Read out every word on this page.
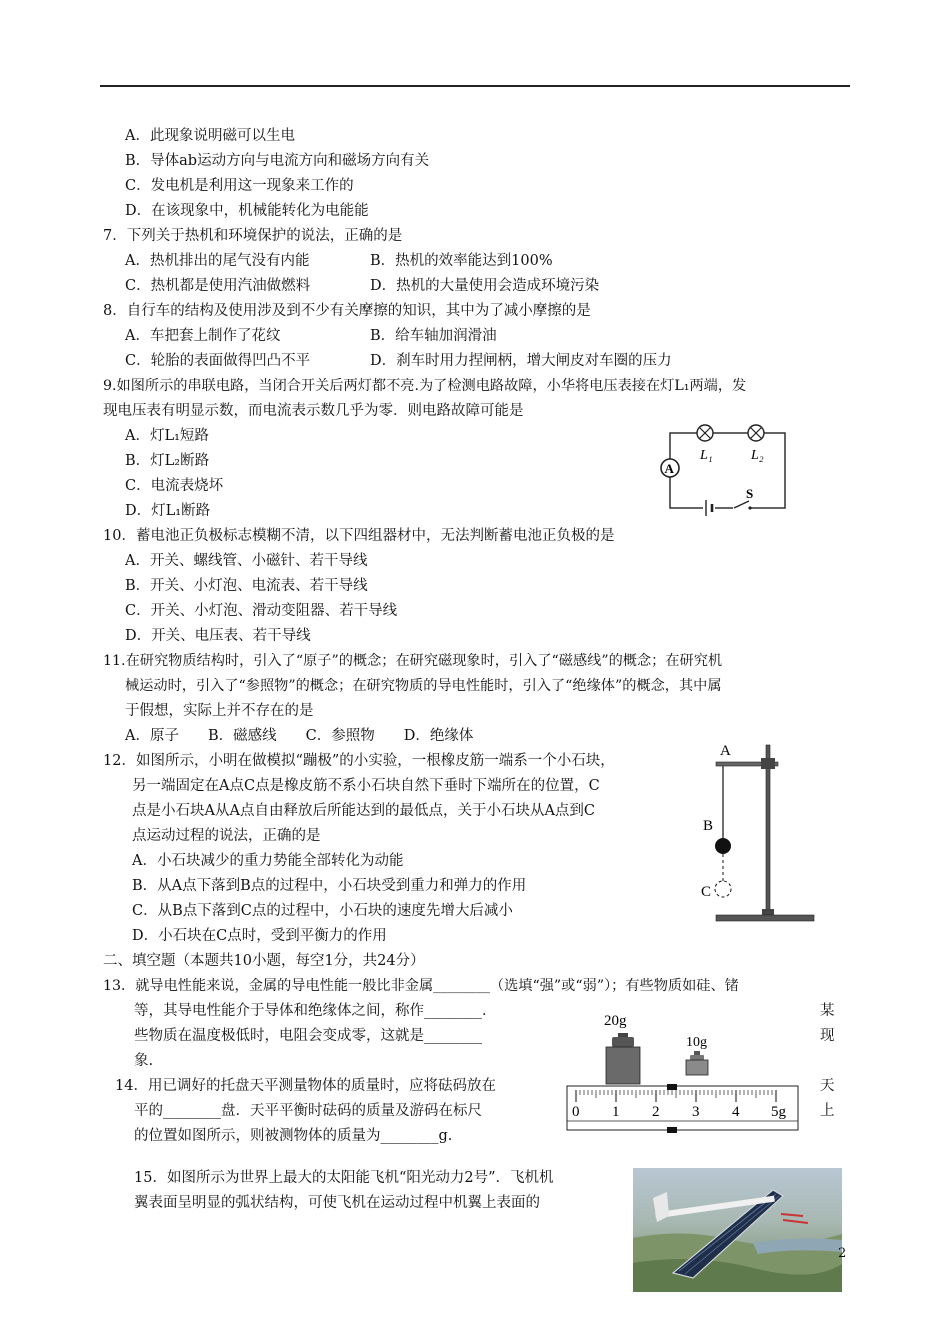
A．此现象说明磁可以生电
B．导体ab运动方向与电流方向和磁场方向有关
C．发电机是利用这一现象来工作的
D．在该现象中，机械能转化为电能能
7．下列关于热机和环境保护的说法，正确的是
A．热机排出的尾气没有内能	B．热机的效率能达到100%
C．热机都是使用汽油做燃料	D．热机的大量使用会造成环境污染
8．自行车的结构及使用涉及到不少有关摩擦的知识，其中为了减小摩擦的是
A．车把套上制作了花纹	B．给车轴加润滑油
C．轮胎的表面做得凹凸不平	D．刹车时用力捏闸柄，增大闸皮对车圈的压力
9.如图所示的串联电路，当闭合开关后两灯都不亮.为了检测电路故障，小华将电压表接在灯L₁两端，发
现电压表有明显示数，而电流表示数几乎为零．则电路故障可能是
A．灯L₁短路
B．灯L₂断路
C．电流表烧坏
D．灯L₁断路
L₁	L₂
A
S
10．蓄电池正负极标志模糊不清，以下四组器材中，无法判断蓄电池正负极的是
A．开关、螺线管、小磁针、若干导线
B．开关、小灯泡、电流表、若干导线
C．开关、小灯泡、滑动变阻器、若干导线
D．开关、电压表、若干导线
11.在研究物质结构时，引入了“原子”的概念；在研究磁现象时，引入了“磁感线”的概念；在研究机
械运动时，引入了“参照物”的概念；在研究物质的导电性能时，引入了“绝缘体”的概念，其中属
于假想，实际上并不存在的是
A．原子　　B．磁感线　　C．参照物　　D．绝缘体
12．如图所示，小明在做模拟“蹦极”的小实验，一根橡皮筋一端系一个小石块，
另一端固定在A点C点是橡皮筋不系小石块自然下垂时下端所在的位置，C
点是小石块A从A点自由释放后所能达到的最低点，关于小石块从A点到C
点运动过程的说法，正确的是
A．小石块减少的重力势能全部转化为动能
B．从A点下落到B点的过程中，小石块受到重力和弹力的作用
C．从B点下落到C点的过程中，小石块的速度先增大后减小
D．小石块在C点时，受到平衡力的作用
A
B
C
二、填空题（本题共10小题，每空1分，共24分）
13．就导电性能来说，金属的导电性能一般比非金属________（选填“强”或“弱”）；有些物质如硅、锗
等，其导电性能介于导体和绝缘体之间，称作________．	某
些物质在温度极低时，电阻会变成零，这就是________	现
象.
14．用已调好的托盘天平测量物体的质量时，应将砝码放在	天
平的________盘．天平平衡时砝码的质量及游码在标尺	上
的位置如图所示，则被测物体的质量为________g.
20g
10g
0 1 2 3 4 5g
15．如图所示为世界上最大的太阳能飞机“阳光动力2号”．飞机机
翼表面呈明显的弧状结构，可使飞机在运动过程中机翼上表面的
2
